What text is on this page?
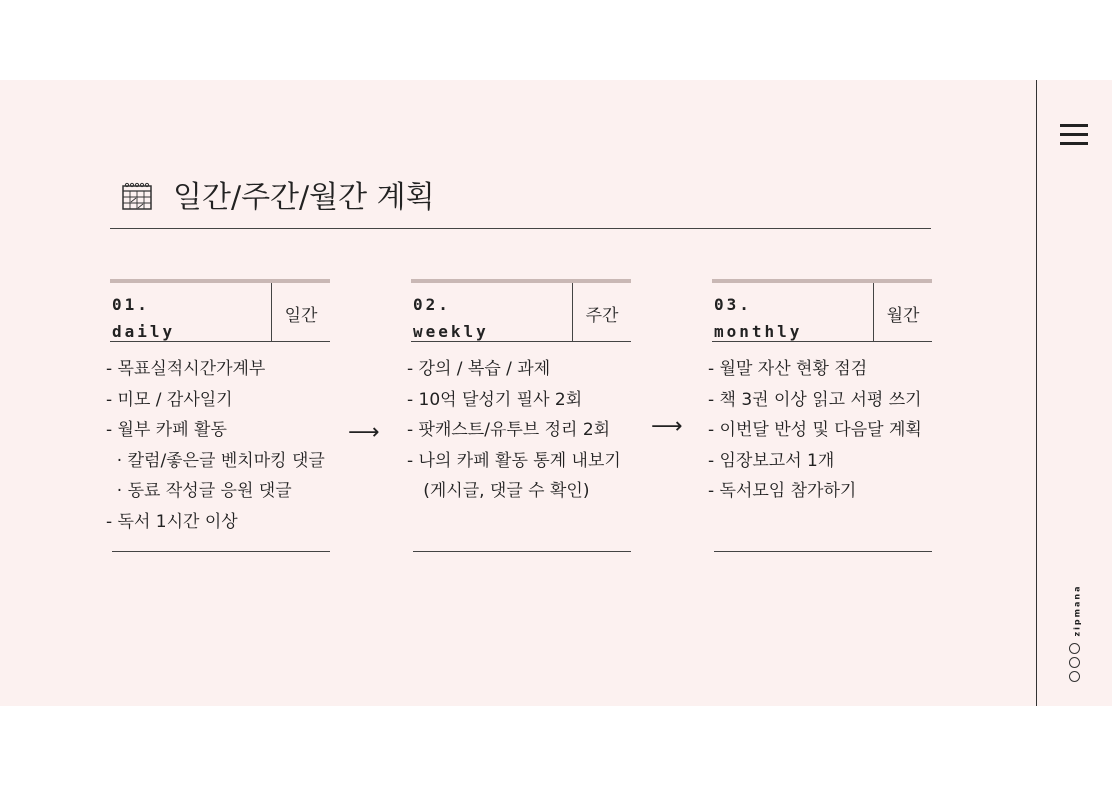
zipmana
일간/주간/월간 계획
01.
daily
일간
- 목표실적시간가계부
- 미모 / 감사일기
- 월부 카페 활동
· 칼럼/좋은글 벤치마킹 댓글
· 동료 작성글 응원 댓글
- 독서 1시간 이상
⟶
02.
weekly
주간
- 강의 / 복습 / 과제
- 10억 달성기 필사 2회
- 팟캐스트/유투브 정리 2회
- 나의 카페 활동 통계 내보기
(게시글, 댓글 수 확인)
⟶
03.
monthly
월간
- 월말 자산 현황 점검
- 책 3권 이상 읽고 서평 쓰기
- 이번달 반성 및 다음달 계획
- 임장보고서 1개
- 독서모임 참가하기
